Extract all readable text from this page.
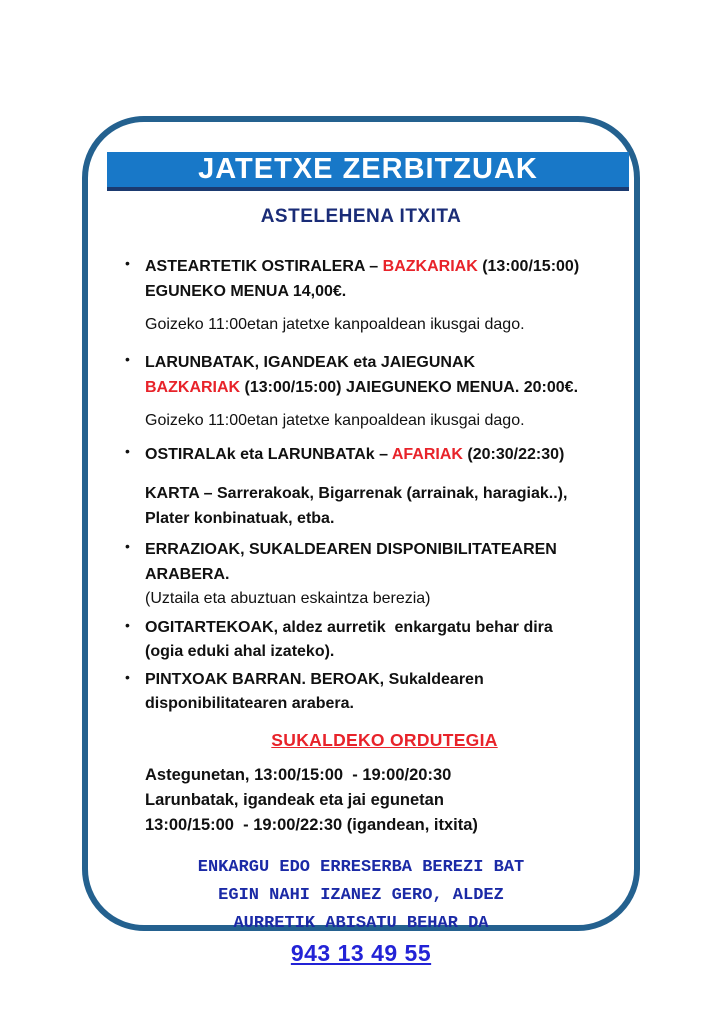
JATETXE ZERBITZUAK
ASTELEHENA ITXITA
• ASTEARTETIK OSTIRALERA – BAZKARIAK (13:00/15:00)
EGUNEKO MENUA 14,00€.
Goizeko 11:00etan jatetxe kanpoaldean ikusgai dago.
• LARUNBATAK, IGANDEAK eta JAIEGUNAK
BAZKARIAK (13:00/15:00) JAIEGUNEKO MENUA. 20:00€.
Goizeko 11:00etan jatetxe kanpoaldean ikusgai dago.
• OSTIRALAk eta LARUNBATAk – AFARIAK (20:30/22:30)
KARTA – Sarrerakoak, Bigarrenak (arrainak, haragiak..),
Plater konbinatuak, etba.
• ERRAZIOAK, SUKALDEAREN DISPONIBILITATEAREN
ARABERA.
(Uztaila eta abuztuan eskaintza berezia)
• OGITARTEKOAK, aldez aurretik  enkargatu behar dira
(ogia eduki ahal izateko).
• PINTXOAK BARRAN. BEROAK, Sukaldearen
disponibilitatearen arabera.
SUKALDEKO ORDUTEGIA
Astegunetan, 13:00/15:00  - 19:00/20:30
Larunbatak, igandeak eta jai egunetan
13:00/15:00  - 19:00/22:30 (igandean, itxita)
ENKARGU EDO ERRESERBA BEREZI BAT
EGIN NAHI IZANEZ GERO, ALDEZ
AURRETIK ABISATU BEHAR DA
943 13 49 55
